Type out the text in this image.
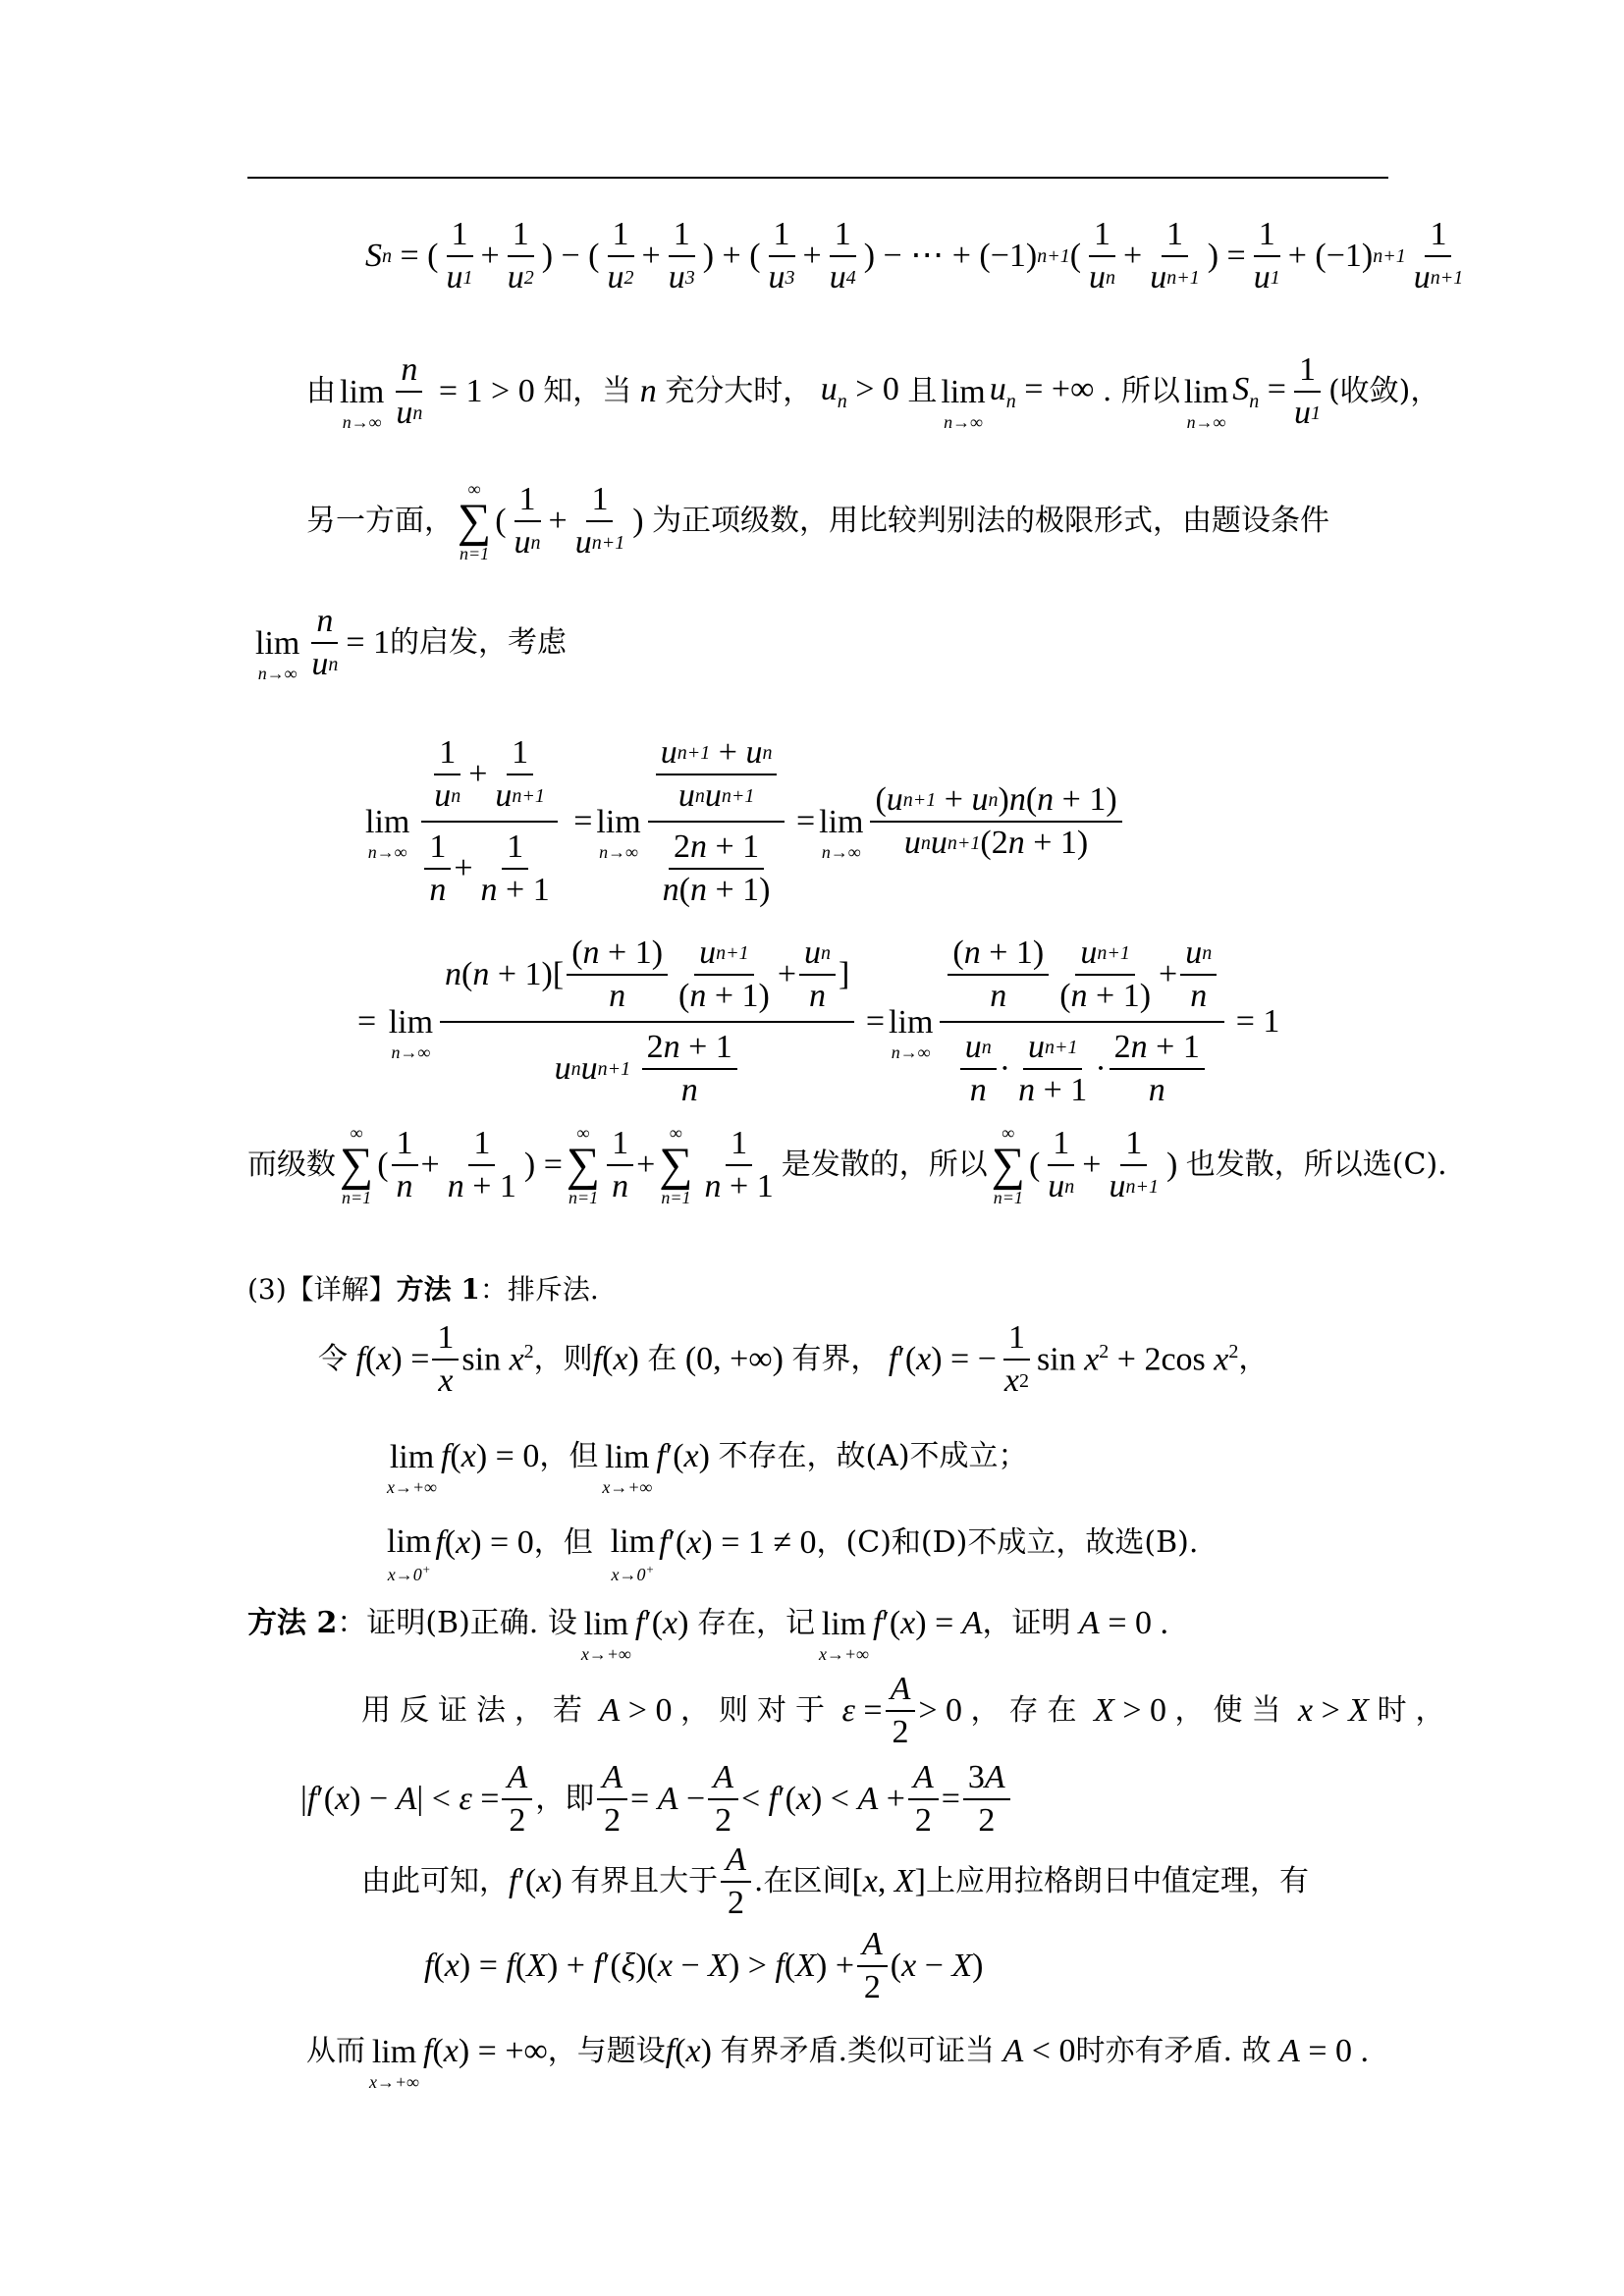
S n = (
1
u 1
+
1
u 2
) − (
1
u 2
+
1
u 3
) + (
1
u 3
+
1
u 4
) − ⋯ + (−1) n+1 (
1
u n
+
1
u n+1
) =
1
u 1
+ (−1) n+1
1
u n+1
由 lim
$n\to\infty \frac{n}{\text{u n}} = 1 > 0$ 知，当 n 充分大时， $u_n > 0$ 且 lim
n→∞
$u_n$ = +∞ . 所以 lim
n→∞
$S_n = \frac{1}{u 1}$ (收敛)，
另一方面，
∞
∑
n=1
(
1
u n
+ $\frac{1}{\text{u n+1}}$ ) 为正项级数，用比较判别法的极限形式，由题设条件
lim
$n\to\infty \frac{n}{\text{u n}} = 1$ 的启发，考虑
lim
n→∞
1
u n
+
1
u n+1
1
n
+
1
n + 1
= lim
n→∞
u n+1 + u n
u n u n+1
2 n + 1
n ( n + 1)
= lim
n→∞
( u n+1 + u n ) n ( n + 1)
u n u n+1 (2 n + 1)
= lim
n→∞
n ( n + 1)[
( n + 1)
n
u n+1
( n + 1)
+
u n
n
]
u n u n+1

2 n + 1
n
= lim
n→∞
( n + 1)
n
u n+1
( n + 1)
+
u n
n
u n
n
·
u n+1
n + 1
·
2 n + 1
n
= 1
而级数
∞
∑
n=1
(
1
n
+ $\frac{1}{n + 1}$ ) =
∞
∑
n=1
1
n
+
∞
∑
n=1
1
n + 1
是发散的，所以
∞
∑
n=1
(
1
u n
+ $\frac{1}{\text{u n+1}}$ ) 也发散，所以选(C).
(3)【详解】 方法 1 ：排斥法.
令 $f(x) = \frac{1}{x}$ $\sin x^2$ ，则 f(x) 在 (0, +∞) 有界， f′(x) = − $\frac{1}{x 2}$ $\sin x^2 + 2\cos$ $x^2$ ，
lim
x→+∞
f(x) = 0 ，但 lim
x→+∞
f′(x) 不存在，故(A)不成立；
lim
x→0+
f(x) = 0 ，但 lim
x→0+
f′(x) = 1 ≠ 0 ，(C)和(D)不成立，故选(B).
方法 2 ：证明(B)正确. 设 lim
x→+∞
f′(x) 存在，记 lim
x→+∞
f′(x) = A ，证明 A = 0 .
用反证法，若 A > 0 ，则对于 $\varepsilon = \frac{A}{2} > 0$ ，存在 X > 0 ，使当 x > X 时，
| f ′( x ) − A | < ε =
A
2
，即
A
2
= A −
A
2
< f ′( x ) < A +
A
2
=
3 A
2
由此可知， f′(x) 有界且大于
A
2
.在区间 [x, X] 上应用拉格朗日中值定理，有
f ( x ) = f ( X ) + f ′( ξ )( x − X ) > f ( X ) +
A
2
( x − X )
从而 lim
x→+∞
f(x) = +∞ ，与题设 f(x) 有界矛盾.类似可证当 A < 0 时亦有矛盾. 故 A = 0 .
